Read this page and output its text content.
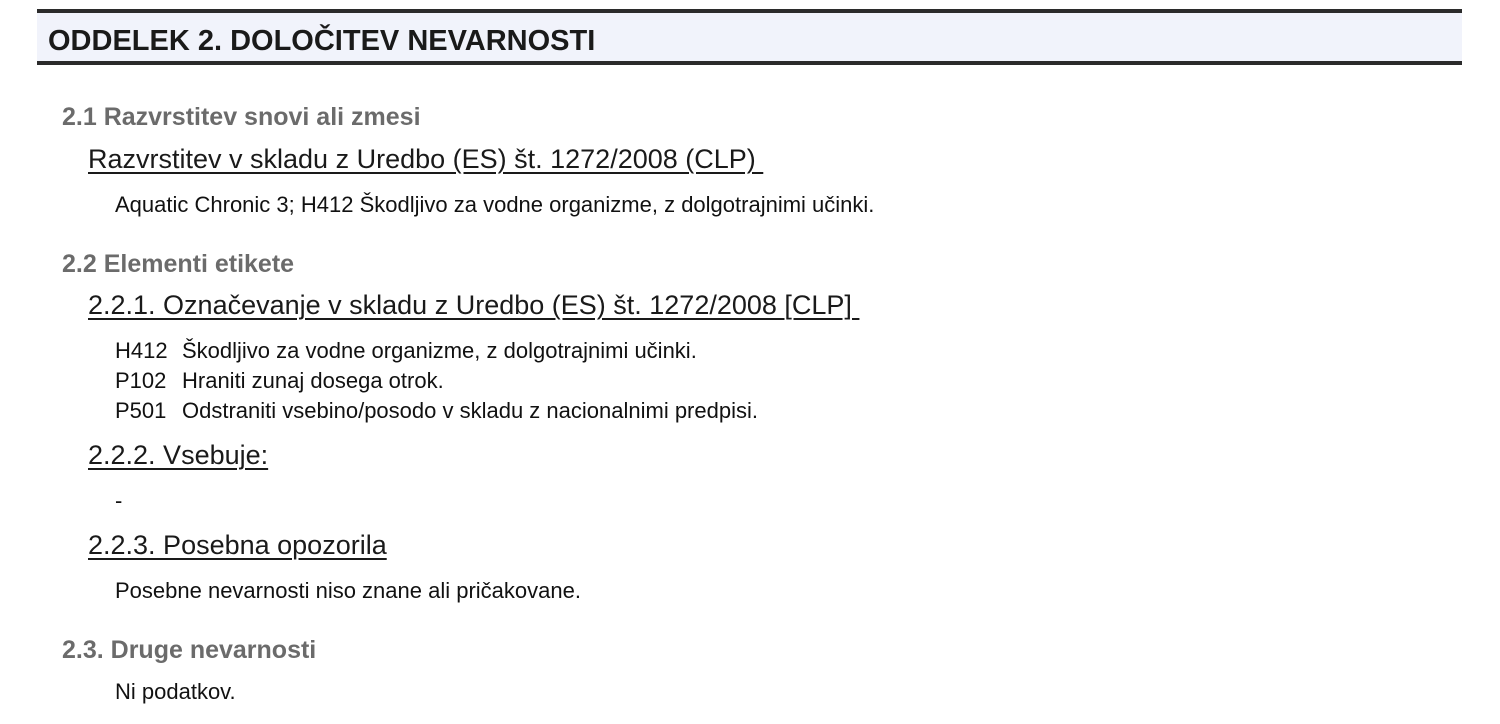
ODDELEK 2. DOLOČITEV NEVARNOSTI
2.1 Razvrstitev snovi ali zmesi
Razvrstitev v skladu z Uredbo (ES) št. 1272/2008 (CLP)
Aquatic Chronic 3; H412 Škodljivo za vodne organizme, z dolgotrajnimi učinki.
2.2 Elementi etikete
2.2.1. Označevanje v skladu z Uredbo (ES) št. 1272/2008 [CLP]
H412 Škodljivo za vodne organizme, z dolgotrajnimi učinki.
P102 Hraniti zunaj dosega otrok.
P501 Odstraniti vsebino/posodo v skladu z nacionalnimi predpisi.
2.2.2. Vsebuje:
-
2.2.3. Posebna opozorila
Posebne nevarnosti niso znane ali pričakovane.
2.3. Druge nevarnosti
Ni podatkov.
